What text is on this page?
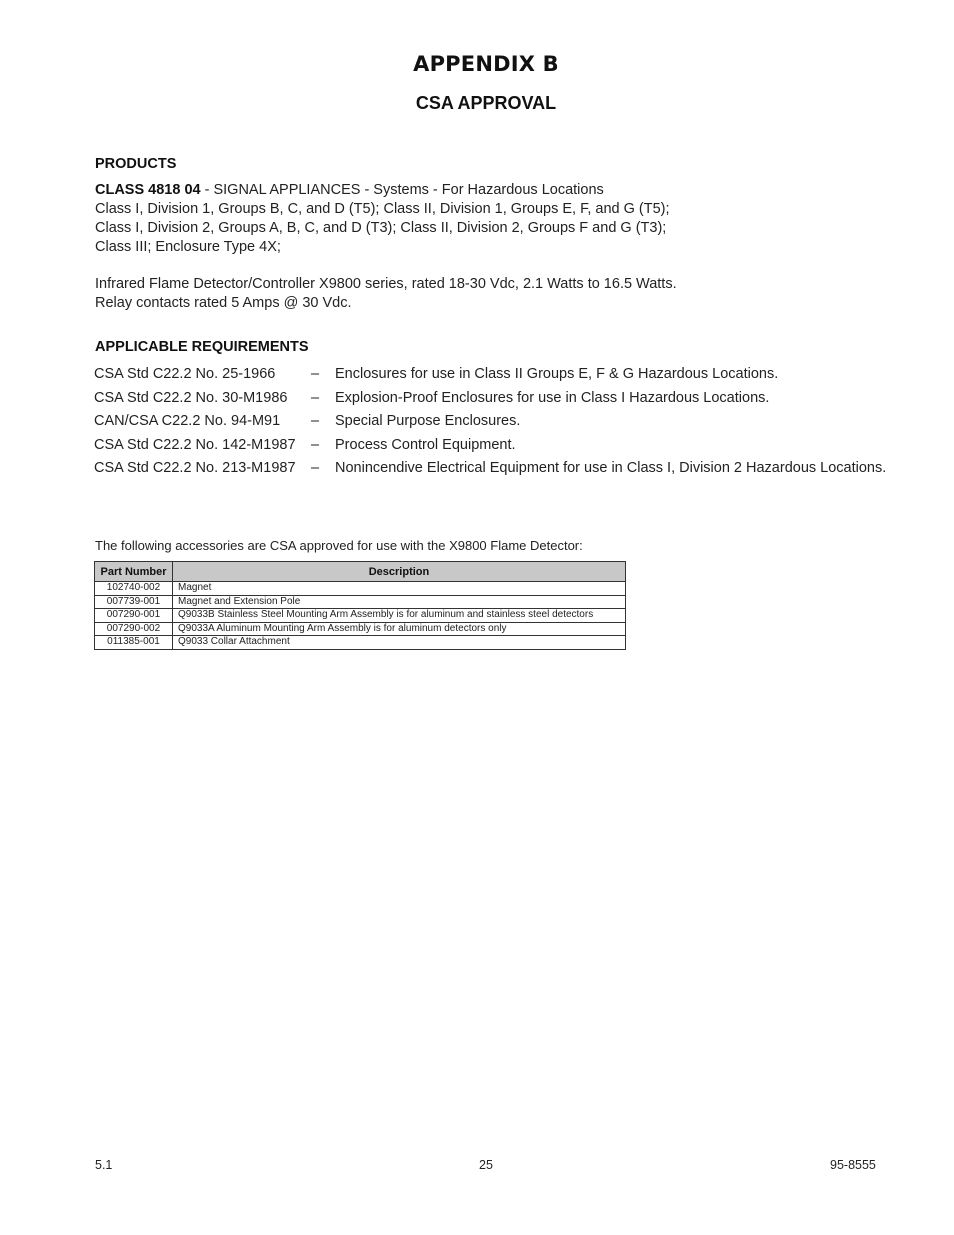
APPENDIX B
CSA APPROVAL
PRODUCTS
CLASS 4818 04 - SIGNAL APPLIANCES - Systems - For Hazardous Locations
Class I, Division 1, Groups B, C, and D (T5); Class II, Division 1, Groups E, F, and G (T5);
Class I, Division 2, Groups A, B, C, and D (T3); Class II, Division 2, Groups F and G (T3);
Class III; Enclosure Type 4X;
Infrared Flame Detector/Controller X9800 series, rated 18-30 Vdc, 2.1 Watts to 16.5 Watts.
Relay contacts rated 5 Amps @ 30 Vdc.
APPLICABLE REQUIREMENTS
CSA Std C22.2 No. 25-1966 – Enclosures for use in Class II Groups E, F & G Hazardous Locations.
CSA Std C22.2 No. 30-M1986 – Explosion-Proof Enclosures for use in Class I Hazardous Locations.
CAN/CSA C22.2 No. 94-M91 – Special Purpose Enclosures.
CSA Std C22.2 No. 142-M1987 – Process Control Equipment.
CSA Std C22.2 No. 213-M1987 – Nonincendive Electrical Equipment for use in Class I, Division 2 Hazardous Locations.
The following accessories are CSA approved for use with the X9800 Flame Detector:
Part Number	Description
102740-002	Magnet
007739-001	Magnet and Extension Pole
007290-001	Q9033B Stainless Steel Mounting Arm Assembly is for aluminum and stainless steel detectors
007290-002	Q9033A Aluminum Mounting Arm Assembly is for aluminum detectors only
011385-001	Q9033 Collar Attachment
5.1	25	95-8555
